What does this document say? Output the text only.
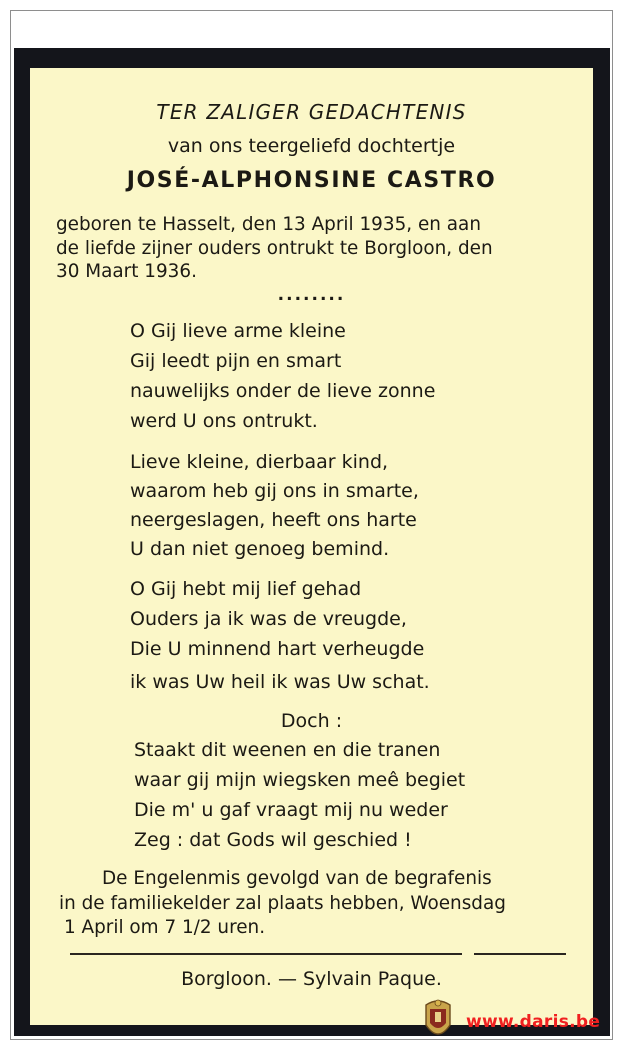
TER ZALIGER GEDACHTENIS
van ons teergeliefd dochtertje
JOSÉ-ALPHONSINE CASTRO
geboren te Hasselt, den 13 April 1935, en aan
de liefde zijner ouders ontrukt te Borgloon, den
30 Maart 1936.
........
O Gij lieve arme kleine
Gij leedt pijn en smart
nauwelijks onder de lieve zonne
werd U ons ontrukt.
Lieve kleine, dierbaar kind,
waarom heb gij ons in smarte,
neergeslagen, heeft ons harte
U dan niet genoeg bemind.
O Gij hebt mij lief gehad
Ouders ja ik was de vreugde,
Die U minnend hart verheugde
ik was Uw heil ik was Uw schat.
Doch :
Staakt dit weenen en die tranen
waar gij mijn wiegsken meê begiet
Die m' u gaf vraagt mij nu weder
Zeg : dat Gods wil geschied !
De Engelenmis gevolgd van de begrafenis
in de familiekelder zal plaats hebben, Woensdag
1 April om 7 1/2 uren.
Borgloon. — Sylvain Paque.
www.daris.be
